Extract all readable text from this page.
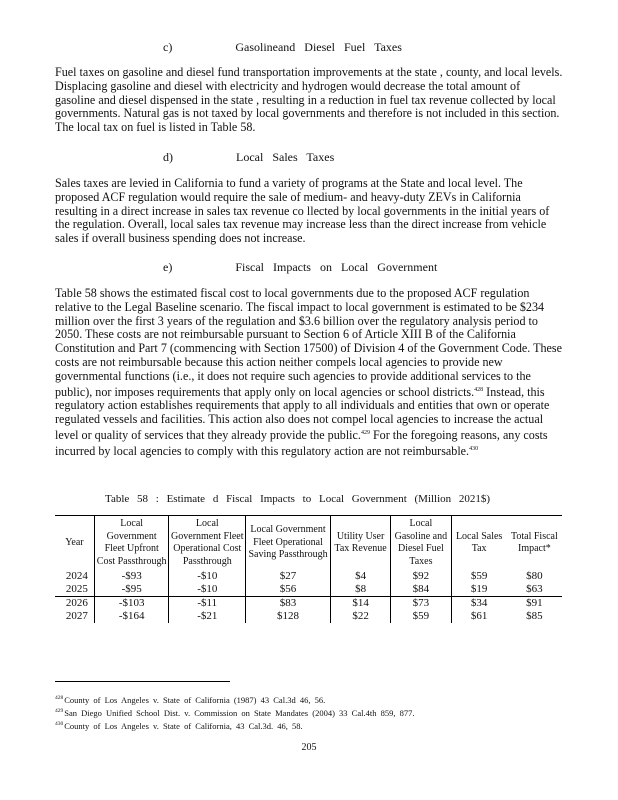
c)	Gasolineand Diesel Fuel Taxes

Fuel taxes on gasoline and diesel fund transportation improvements at the state , county, and local levels. Displacing gasoline and diesel with electricity and hydrogen would decrease the total amount of gasoline and diesel dispensed in the state , resulting in a reduction in fuel tax revenue collected by local governments. Natural gas is not taxed by local governments and therefore is not included in this section. The local tax on fuel is listed in Table 58.

d)	Local Sales Taxes

Sales taxes are levied in California to fund a variety of programs at the State and local level. The proposed ACF regulation would require the sale of medium- and heavy-duty ZEVs in California resulting in a direct increase in sales tax revenue co llected by local governments in the initial years of the regulation. Overall, local sales tax revenue may increase less than the direct increase from vehicle sales if overall business spending does not increase.

e)	Fiscal Impacts on Local Government

Table 58 shows the estimated fiscal cost to local governments due to the proposed ACF regulation relative to the Legal Baseline scenario. The fiscal impact to local government is estimated to be $234 million over the first 3 years of the regulation and $3.6 billion over the regulatory analysis period to 2050. These costs are not reimbursable pursuant to Section 6 of Article XIII B of the California Constitution and Part 7 (commencing with Section 17500) of Division 4 of the Government Code. These costs are not reimbursable because this action neither compels local agencies to provide new governmental functions (i.e., it does not require such agencies to provide additional services to the public), nor imposes requirements that apply only on local agencies or school districts.$^{428}$ Instead, this regulatory action establishes requirements that apply to all individuals and entities that own or operate regulated vessels and facilities. This action also does not compel local agencies to increase the actual level or quality of services that they already provide the public.$^{429}$ For the foregoing reasons, any costs incurred by local agencies to comply with this regulatory action are not reimbursable.$^{430}$

Table 58 : Estimate d Fiscal Impacts to Local Government (Million 2021$)
Year	Local Government Fleet Upfront Cost Passthrough	Local Government Fleet Operational Cost Passthrough	Local Government Fleet Operational Saving Passthrough	Utility User Tax Revenue	Local Gasoline and Diesel Fuel Taxes	Local Sales Tax	Total Fiscal Impact*
2024	-$93	-$10	$27	$4	$92	$59	$80
2025	-$95	-$10	$56	$8	$84	$19	$63
2026	-$103	-$11	$83	$14	$73	$34	$91
2027	-$164	-$21	$128	$22	$59	$61	$85
$^{428}$County of Los Angeles v. State of California (1987) 43 Cal.3d 46, 56.
$^{429}$San Diego Unified School Dist. v. Commission on State Mandates (2004) 33 Cal.4th 859, 877.
$^{430}$County of Los Angeles v. State of California, 43 Cal.3d. 46, 58.
205
